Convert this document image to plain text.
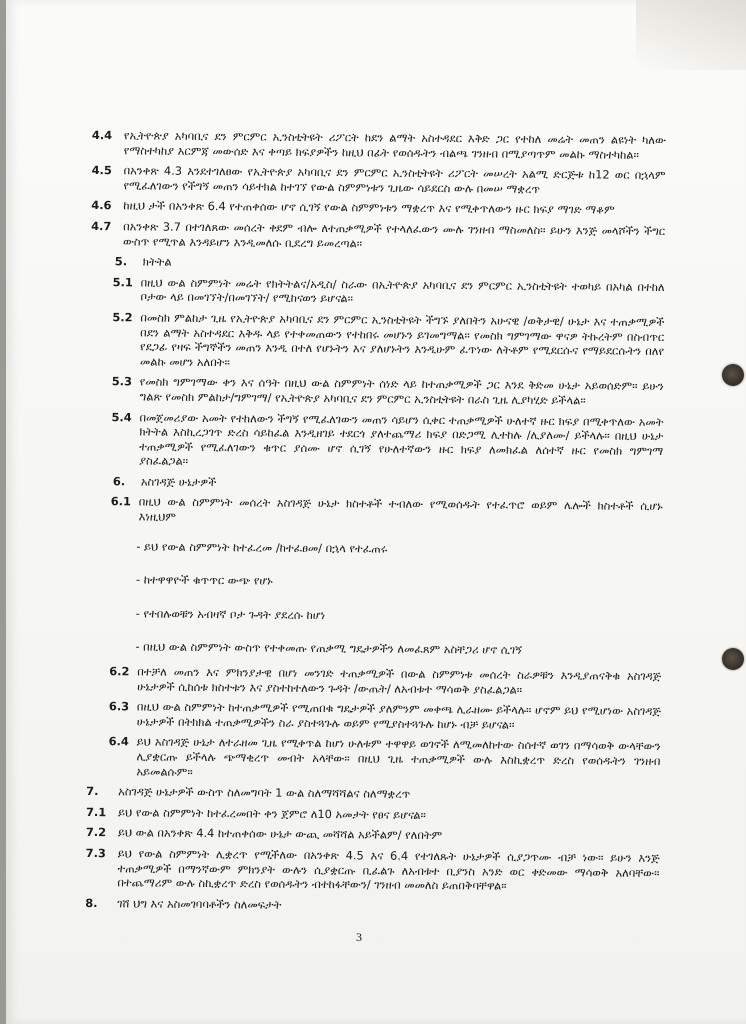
4.4	የኢትዮጵያ አካባቢና ደን ምርምር ኢንስቲትዩት ሪፖርት ከደን ልማት አስተዳደር እቅድ ጋር የተከለ መሬት መጠን ልዩነት ካለው የማስተካከያ እርምጃ መውሰድ እና ቀጣይ ክፍያዎችን ከዚህ በፊት የወሰዱትን ብልጫ ገንዘብ በሚያጣጥም መልኩ ማስተካከል፡፡
4.5	በአንቀጽ 4.3 እንደተገለፀው የኢትዮጵያ አካባቢና ደን ምርምር ኢንስቲትዩት ሪፖርት መሠረት አልሚ ድርጅቱ ከ12 ወር በኋላም የሚፈለገውን የችግኝ መጠን ሳይተክል ከተገኘ የውል ስምምነቱን ጊዜው ሳይደርስ ውሉ በመሠ ማቋረጥ
4.6	ከዚህ ታች በአንቀጽ 6.4 የተጠቀሰው ሆኖ ሲገኝ የውል ስምምነቱን ማቋረጥ እና የሚቀጥለውን ዙር ክፍያ ማገድ ማቆም
4.7	በአንቀጽ 3.7 በተገለጸው መሰረት ቀደም ብሎ ለተጠቃሚዎች የተላለፈውን ሙሉ ገንዘብ ማስመለስ፡፡ ይሁን እንጅ መላሾችን ችግር ውስጥ የሚጥል እንዳይሆን እንዲመለሱ ቢደረግ ይመረጣል፡፡
5.	ክትትል
5.1 በዚህ ውል ስምምነት መሬት የክትትልና/አዲስ/ ስራው በኢትዮጵያ አካባቢና ደን ምርምር ኢንስቲትዩት ተወካይ በአካል በተከለ ቦታው ላይ በመገኘት/በመገኘት/ የሚከናወን ይሆናል፡፡
5.2 በመስክ ምልከታ ጊዜ የኢትዮጵያ አካባቢና ደን ምርምር ኢንስቲትዩት ችግኙ ያለበትን አሁናዊ /ወቅታዊ/ ሁኔታ እና ተጠቃሚዎች በደን ልማት አስተዳደር እቅዱ ላይ የተቀመጠውን የተከበሩ መሆኑን ይገመግማል፡፡ የመስክ ግምገማው ዋናዎ ትኩረትም በስብጥር የደጋፊ የዛፍ ችግኞችን መጠን እንዲ በተለ የሆኑትን እና ያለሆኑትን እንዲሁም ፈጥነው ለትቶም የሚደርሱና የማይደርሱትን በለየ መልኩ መሆን አለበት፡፡
5.3 የመስክ ግምገማው ቀን እና ሰዓት በዚህ ውል ስምምነት ሰነድ ላይ ከተጠቃሚዎች ጋር እንደ ቅድመ ሁኔታ አይወሰድም፡፡ ይሁን ግልጽ የመስክ ምልከታ/ግምገማ/ የኢትዮጵያ አካባቢና ደን ምርምር ኢንስቲትዩት በራስ ጊዜ ሊያካሂድ ይችላል፡፡
5.4 በመጀመሪያው አመት የተከለውን ችግኝ የሚፈለገውን መጠን ሳይሆን ሲቀር ተጠቃሚዎች ሁለተኛ ዙር ክፍያ በሚቀጥለው አመት ክትትል እስኪረጋገጥ ድረስ ሳይከፈል እንዲዘገይ ተደርጎ ያለተጨማሪ ክፍያ በድጋሚ ሊተከሉ /ሊያለሙ/ ይችላሉ፡፡ በዚህ ሁኔታ ተጠቃሚዎች የሚፈለገውን ቁጥር ያሰሙ ሆኖ ሲገኝ የሁለተኛውን ዙር ክፍያ ለመክፈል ለሰተኛ ዙር የመስክ ግምገማ ያስፈልጋል፡፡
6.	አስገዳጅ ሁኔታዎች
6.1 በዚህ ውል ስምምነት መሰረት አስገዳጅ ሁኔታ ክስተቶች ተብለው የሚወሰዱት የተፈጥሮ ወይም ሌሎች ክስተቶች ሲሆኑ እነዚህም
- ይህ የውል ስምምነት ከተፈረመ /ከተፈፀመ/ በኋላ የተፈጠሩ
- ከተዋዋዮች ቁጥጥር ውጭ የሆኑ
- የተበሉወቹን አብዛኛ ቦታ ጉዳት ያደረሱ ከሆነ
- በዚህ ውል ስምምነት ውስጥ የተቀመጡ የጠቃሚ ግዴታዎችን ለመፈጸም አስቸጋሪ ሆኖ ሲገኝ
6.2 በተቻለ መጠን እና ምክንያታዊ በሆነ መንገድ ተጠቃሚዎች በውል ስምምነቱ መሰረት ስራዎቹን እንዲያጠናቅቁ አስገዳጅ ሁኔታዎች ሲከሰቱ ክስተቱን እና ያስተከተለውን ጉዳት /ውጤት/ ለአብቱተ ማሳወቅ ያስፈልጋል፡፡
6.3 በዚህ ውል ስምምነት ከተጠቃሚዎች የሚጠበቁ ግዴታዎች ያለምንም መቀጫ ሊራዘሙ ይችላሉ፡፡ ሆኖም ይህ የሚሆነው አስገዳጅ ሁኔታዎች በትክክል ተጠቃሚዎችን ስራ ያስተጓጉሉ ወይም የሚያስተጓጉሉ ከሆኑ ብቻ ይሆናል፡፡
6.4 ይህ አስገዳጅ ሁኔታ ለተራዘመ ጊዜ የሚቀጥል ከሆነ ሁለቱም ተዋዋይ ወገኖች ለሚመለከተው ስሰተኛ ወገን በማሳወቅ ውላቸውን ሊያቋርጡ ይችላሉ ጭማቂረጥ መብት አላቸው፡፡ በዚህ ጊዜ ተጠቃሚዎች ውሉ እስኪቋረጥ ድረስ የወሰዱትን ገንዘብ አይመልሱም፡፡
7.	አስገዳጅ ሁኔታዎች ውስጥ ስለመግባት 1 ውል ስለማሻሻልና ስለማቋረጥ
7.1	ይህ የውል ስምምነት ከተፈረመበት ቀን ጀምሮ ለ10 አመታት የፀና ይሆናል፡፡
7.2	ይህ ውል በአንቀጽ 4.4 ከተጠቀሰው ሁኔታ ውጪ መሻሻል አይችልም/ የለበትም
7.3	ይህ የውል ስምምነት ሊቋረጥ የሚችለው በአንቀጽ 4.5 እና 6.4 የተገለጹት ሁኔታዎች ሲያጋጥሙ ብቻ ነው፡፡ ይሁን እንጅ ተጠቃሚዎች በማንኛውም ምክንያት ውሉን ሲያቋርጡ ቢፈልጉ ለአብቱተ ቢያንስ አንድ ወር ቀድመው ማሳወቅ አለባቸው፡፡ በተጨማሪም ውሉ ስኪቋረጥ ድረስ የወሰዱትን ብተከፋቸውን/ ገንዘብ መመለስ ይጠበቅባቸዋል፡፡
8.	ገሸ ህግ እና አስመገባባቶችን ስለመፍታት
3
